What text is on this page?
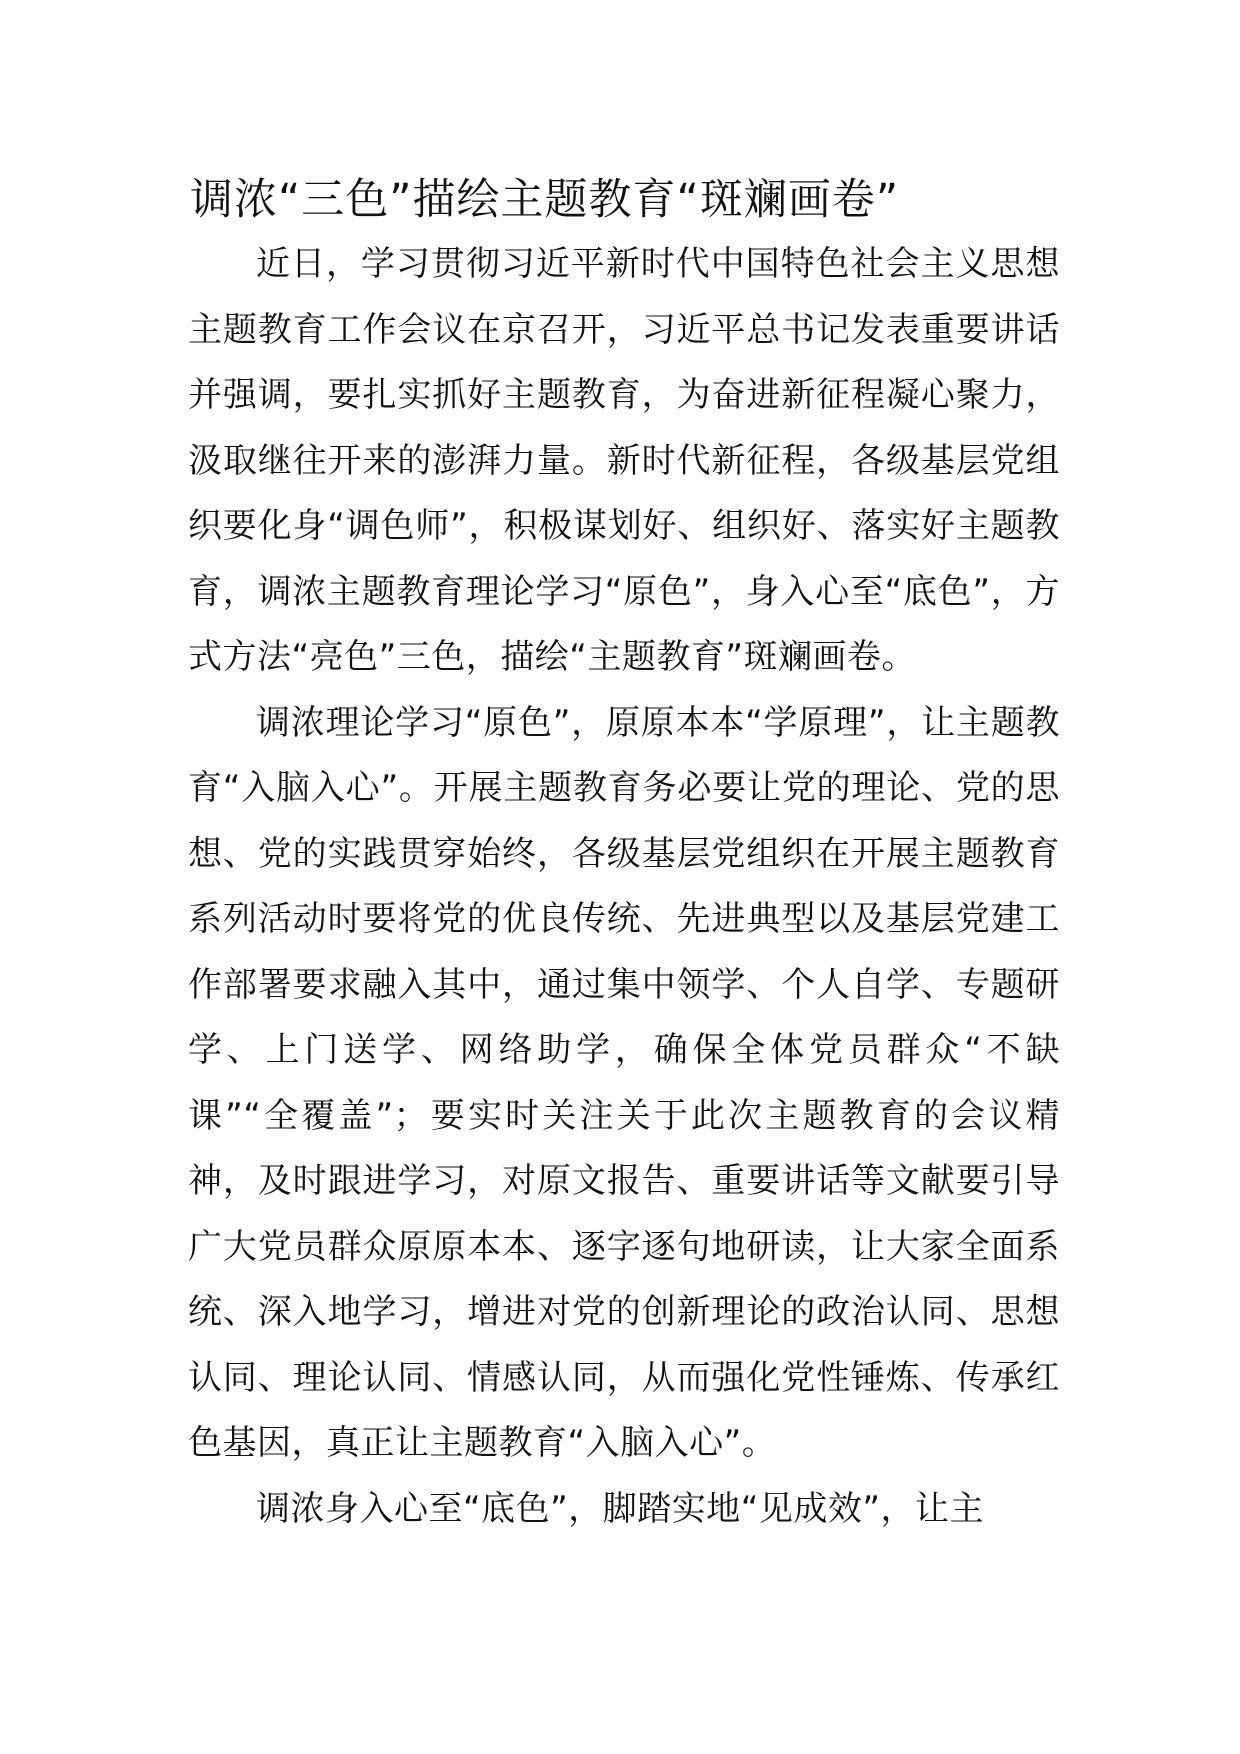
调浓“三色”描绘主题教育“斑斓画卷”

近日，学习贯彻习近平新时代中国特色社会主义思想主题教育工作会议在京召开，习近平总书记发表重要讲话并强调，要扎实抓好主题教育，为奋进新征程凝心聚力，汲取继往开来的澎湃力量。新时代新征程，各级基层党组织要化身“调色师”，积极谋划好、组织好、落实好主题教育，调浓主题教育理论学习“原色”，身入心至“底色”，方式方法“亮色”三色，描绘“主题教育”斑斓画卷。

调浓理论学习“原色”，原原本本“学原理”，让主题教育“入脑入心”。开展主题教育务必要让党的理论、党的思想、党的实践贯穿始终，各级基层党组织在开展主题教育系列活动时要将党的优良传统、先进典型以及基层党建工作部署要求融入其中，通过集中领学、个人自学、专题研学、上门送学、网络助学，确保全体党员群众“不缺课”“全覆盖”；要实时关注关于此次主题教育的会议精神，及时跟进学习，对原文报告、重要讲话等文献要引导广大党员群众原原本本、逐字逐句地研读，让大家全面系统、深入地学习，增进对党的创新理论的政治认同、思想认同、理论认同、情感认同，从而强化党性锤炼、传承红色基因，真正让主题教育“入脑入心”。

调浓身入心至“底色”，脚踏实地“见成效”，让主
